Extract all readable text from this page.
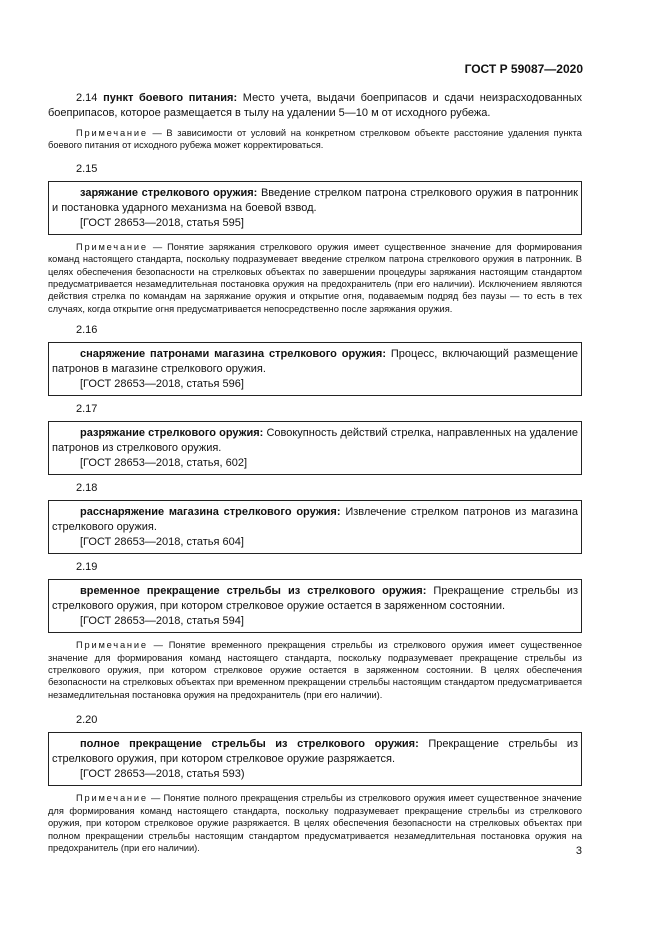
ГОСТ Р 59087—2020

2.14 пункт боевого питания: Место учета, выдачи боеприпасов и сдачи неизрасходованных боеприпасов, которое размещается в тылу на удалении 5—10 м от исходного рубежа.

Примечание — В зависимости от условий на конкретном стрелковом объекте расстояние удаления пункта боевого питания от исходного рубежа может корректироваться.

2.15

заряжание стрелкового оружия: Введение стрелком патрона стрелкового оружия в патронник и постановка ударного механизма на боевой взвод.

[ГОСТ 28653—2018, статья 595]

Примечание — Понятие заряжания стрелкового оружия имеет существенное значение для формирования команд настоящего стандарта, поскольку подразумевает введение стрелком патрона стрелкового оружия в патронник. В целях обеспечения безопасности на стрелковых объектах по завершении процедуры заряжания настоящим стандартом предусматривается незамедлительная постановка оружия на предохранитель (при его наличии). Исключением являются действия стрелка по командам на заряжание оружия и открытие огня, подаваемым подряд без паузы — то есть в тех случаях, когда открытие огня предусматривается непосредственно после заряжания оружия.

2.16

снаряжение патронами магазина стрелкового оружия: Процесс, включающий размещение патронов в магазине стрелкового оружия.

[ГОСТ 28653—2018, статья 596]

2.17

разряжание стрелкового оружия: Совокупность действий стрелка, направленных на удаление патронов из стрелкового оружия.

[ГОСТ 28653—2018, статья, 602]

2.18

расснаряжение магазина стрелкового оружия: Извлечение стрелком патронов из магазина стрелкового оружия.

[ГОСТ 28653—2018, статья 604]

2.19

временное прекращение стрельбы из стрелкового оружия: Прекращение стрельбы из стрелкового оружия, при котором стрелковое оружие остается в заряженном состоянии.

[ГОСТ 28653—2018, статья 594]

Примечание — Понятие временного прекращения стрельбы из стрелкового оружия имеет существенное значение для формирования команд настоящего стандарта, поскольку подразумевает прекращение стрельбы из стрелкового оружия, при котором стрелковое оружие остается в заряженном состоянии. В целях обеспечения безопасности на стрелковых объектах при временном прекращении стрельбы настоящим стандартом предусматривается незамедлительная постановка оружия на предохранитель (при его наличии).

2.20

полное прекращение стрельбы из стрелкового оружия: Прекращение стрельбы из стрелкового оружия, при котором стрелковое оружие разряжается.

[ГОСТ 28653—2018, статья 593)

Примечание — Понятие полного прекращения стрельбы из стрелкового оружия имеет существенное значение для формирования команд настоящего стандарта, поскольку подразумевает прекращение стрельбы из стрелкового оружия, при котором стрелковое оружие разряжается. В целях обеспечения безопасности на стрелковых объектах при полном прекращении стрельбы настоящим стандартом предусматривается незамедлительная постановка оружия на предохранитель (при его наличии).	3
